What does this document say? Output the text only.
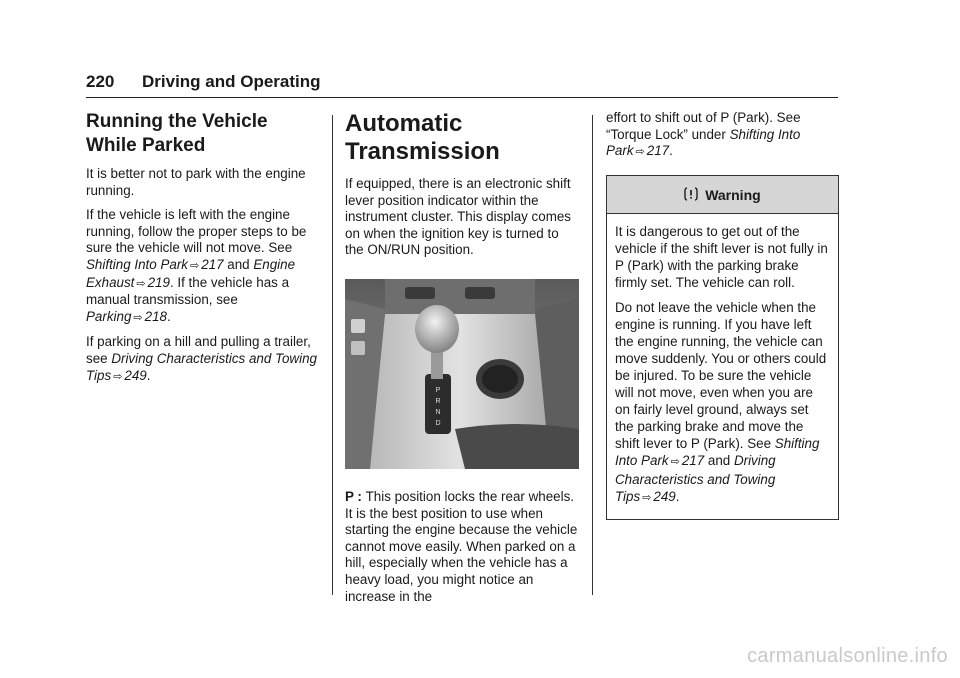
220 Driving and Operating
Running the Vehicle While Parked

It is better not to park with the engine running.

If the vehicle is left with the engine running, follow the proper steps to be sure the vehicle will not move. See Shifting Into Park ⇨ 217 and Engine Exhaust ⇨ 219. If the vehicle has a manual transmission, see Parking ⇨ 218.

If parking on a hill and pulling a trailer, see Driving Characteristics and Towing Tips ⇨ 249.

Automatic Transmission

If equipped, there is an electronic shift lever position indicator within the instrument cluster. This display comes on when the ignition key is turned to the ON/RUN position.

P
R
N
D

P : This position locks the rear wheels. It is the best position to use when starting the engine because the vehicle cannot move easily. When parked on a hill, especially when the vehicle has a heavy load, you might notice an increase in the

effort to shift out of P (Park). See “Torque Lock” under Shifting Into Park ⇨ 217.

Warning

It is dangerous to get out of the vehicle if the shift lever is not fully in P (Park) with the parking brake firmly set. The vehicle can roll.

Do not leave the vehicle when the engine is running. If you have left the engine running, the vehicle can move suddenly. You or others could be injured. To be sure the vehicle will not move, even when you are on fairly level ground, always set the parking brake and move the shift lever to P (Park). See Shifting Into Park ⇨ 217 and Driving Characteristics and Towing Tips ⇨ 249.

carmanualsonline.info
